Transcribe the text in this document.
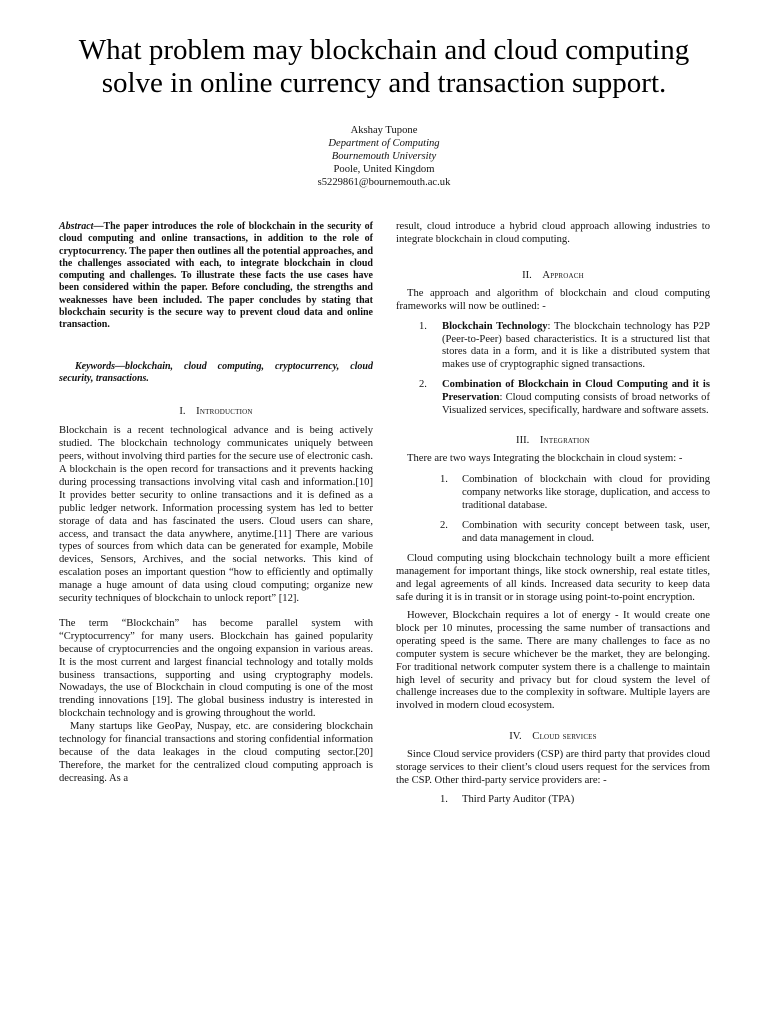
What problem may blockchain and cloud computing
solve in online currency and transaction support.
Akshay Tupone
Department of Computing
Bournemouth University
Poole, United Kingdom
s5229861@bournemouth.ac.uk

Abstract—The paper introduces the role of blockchain in the security of cloud computing and online transactions, in addition to the role of cryptocurrency. The paper then outlines all the potential approaches, and the challenges associated with each, to integrate blockchain in cloud computing and challenges. To illustrate these facts the use cases have been considered within the paper. Before concluding, the strengths and weaknesses have been included. The paper concludes by stating that blockchain security is the secure way to prevent cloud data and online transaction.

Keywords—blockchain, cloud computing, cryptocurrency, cloud security, transactions.

I. Introduction

Blockchain is a recent technological advance and is being actively studied. The blockchain technology communicates uniquely between peers, without involving third parties for the secure use of electronic cash. A blockchain is the open record for transactions and it prevents hacking during processing transactions involving vital cash and information.[10] It provides better security to online transactions and it is defined as a public ledger network. Information processing system has led to better storage of data and has fascinated the users. Cloud users can share, access, and transact the data anywhere, anytime.[11] There are various types of sources from which data can be generated for example, Mobile devices, Sensors, Archives, and the social networks. This kind of escalation poses an important question “how to efficiently and optimally manage a huge amount of data using cloud computing; organize new security techniques of blockchain to unlock report” [12].

The term “Blockchain” has become parallel system with “Cryptocurrency” for many users. Blockchain has gained popularity because of cryptocurrencies and the ongoing expansion in various areas. It is the most current and largest financial technology and totally molds business transactions, supporting and using cryptography models. Nowadays, the use of Blockchain in cloud computing is one of the most trending innovations [19]. The global business industry is interested in blockchain technology and is growing throughout the world.

Many startups like GeoPay, Nuspay, etc. are considering blockchain technology for financial transactions and storing confidential information because of the data leakages in the cloud computing sector.[20] Therefore, the market for the centralized cloud computing approach is decreasing. As a

result, cloud introduce a hybrid cloud approach allowing industries to integrate blockchain in cloud computing.

II. Approach

The approach and algorithm of blockchain and cloud computing frameworks will now be outlined: -

1. Blockchain Technology: The blockchain technology has P2P (Peer-to-Peer) based characteristics. It is a structured list that stores data in a form, and it is like a distributed system that makes use of cryptographic signed transactions.
2. Combination of Blockchain in Cloud Computing and it is Preservation: Cloud computing consists of broad networks of Visualized services, specifically, hardware and software assets.

III. Integration

There are two ways Integrating the blockchain in cloud system: -

1. Combination of blockchain with cloud for providing company networks like storage, duplication, and access to traditional database.
2. Combination with security concept between task, user, and data management in cloud.

Cloud computing using blockchain technology built a more efficient management for important things, like stock ownership, real estate titles, and legal agreements of all kinds. Increased data security to keep data safe during it is in transit or in storage using point-to-point encryption.

However, Blockchain requires a lot of energy - It would create one block per 10 minutes, processing the same number of transactions and operating speed is the same. There are many challenges to face as no computer system is secure whichever be the market, they are belonging. For traditional network computer system there is a challenge to maintain high level of security and privacy but for cloud system the level of challenge increases due to the complexity in software. Multiple layers are involved in modern cloud ecosystem.

IV. Cloud services

Since Cloud service providers (CSP) are third party that provides cloud storage services to their client’s cloud users request for the services from the CSP. Other third-party service providers are: -

1. Third Party Auditor (TPA)
